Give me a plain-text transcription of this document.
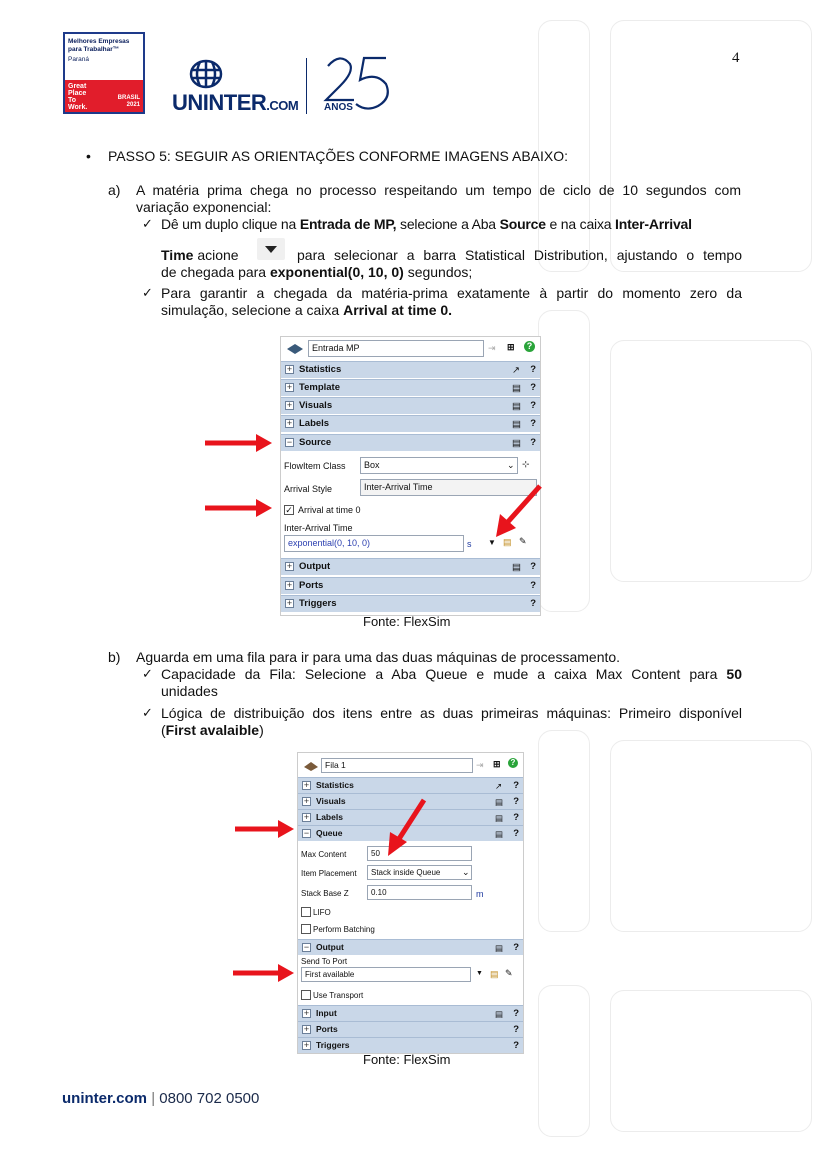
Melhores Empresas
para Trabalhar™
Paraná
Great
Place
To
Work.
BRASIL
2021 UNINTER.COM	ANOS
4
• PASSO 5: SEGUIR AS ORIENTAÇÕES CONFORME IMAGENS ABAIXO:
a) A matéria prima chega no processo respeitando um tempo de ciclo de 10 segundos com
variação exponencial:
✓ Dê um duplo clique na Entrada de MP, selecione a Aba Source e na caixa Inter-Arrival
Time acione	para selecionar a barra Statistical Distribution, ajustando o tempo
de chegada para exponential(0, 10, 0) segundos;
✓ Para garantir a chegada da matéria-prima exatamente à partir do momento zero da
simulação, selecione a caixa Arrival at time 0.
Entrada MP	⇥ ⊞	?
+ Statistics	↗	?
+ Template	▤ ?
+ Visuals	▤ ?
+ Labels	▤ ?
− Source	▤ ?
FlowItem Class	Box	⌄ ⊹
Arrival Style	Inter-Arrival Time
✓ Arrival at time 0
Inter-Arrival Time
exponential(0, 10, 0)	s ▼ ▤ ✎
+ Output	▤ ?
+ Ports	?
+ Triggers	?
Fonte: FlexSim
b) Aguarda em uma fila para ir para uma das duas máquinas de processamento.
✓ Capacidade da Fila: Selecione a Aba Queue e mude a caixa Max Content para 50
unidades
✓ Lógica de distribuição dos itens entre as duas primeiras máquinas: Primeiro disponível
(First avalaible)
Fila 1	⇥ ⊞	?
+ Statistics	↗	?
+ Visuals	▤	?
+ Labels	▤	?
− Queue	▤	?
Max Content	50
Item Placement	Stack inside Queue	⌄
Stack Base Z	0.10	m
LIFO
Perform Batching
− Output	▤	?
Send To Port
First available	▼ ▤ ✎
Use Transport
+ Input	▤	?
+ Ports	?
+ Triggers	?
Fonte: FlexSim
uninter.com | 0800 702 0500
